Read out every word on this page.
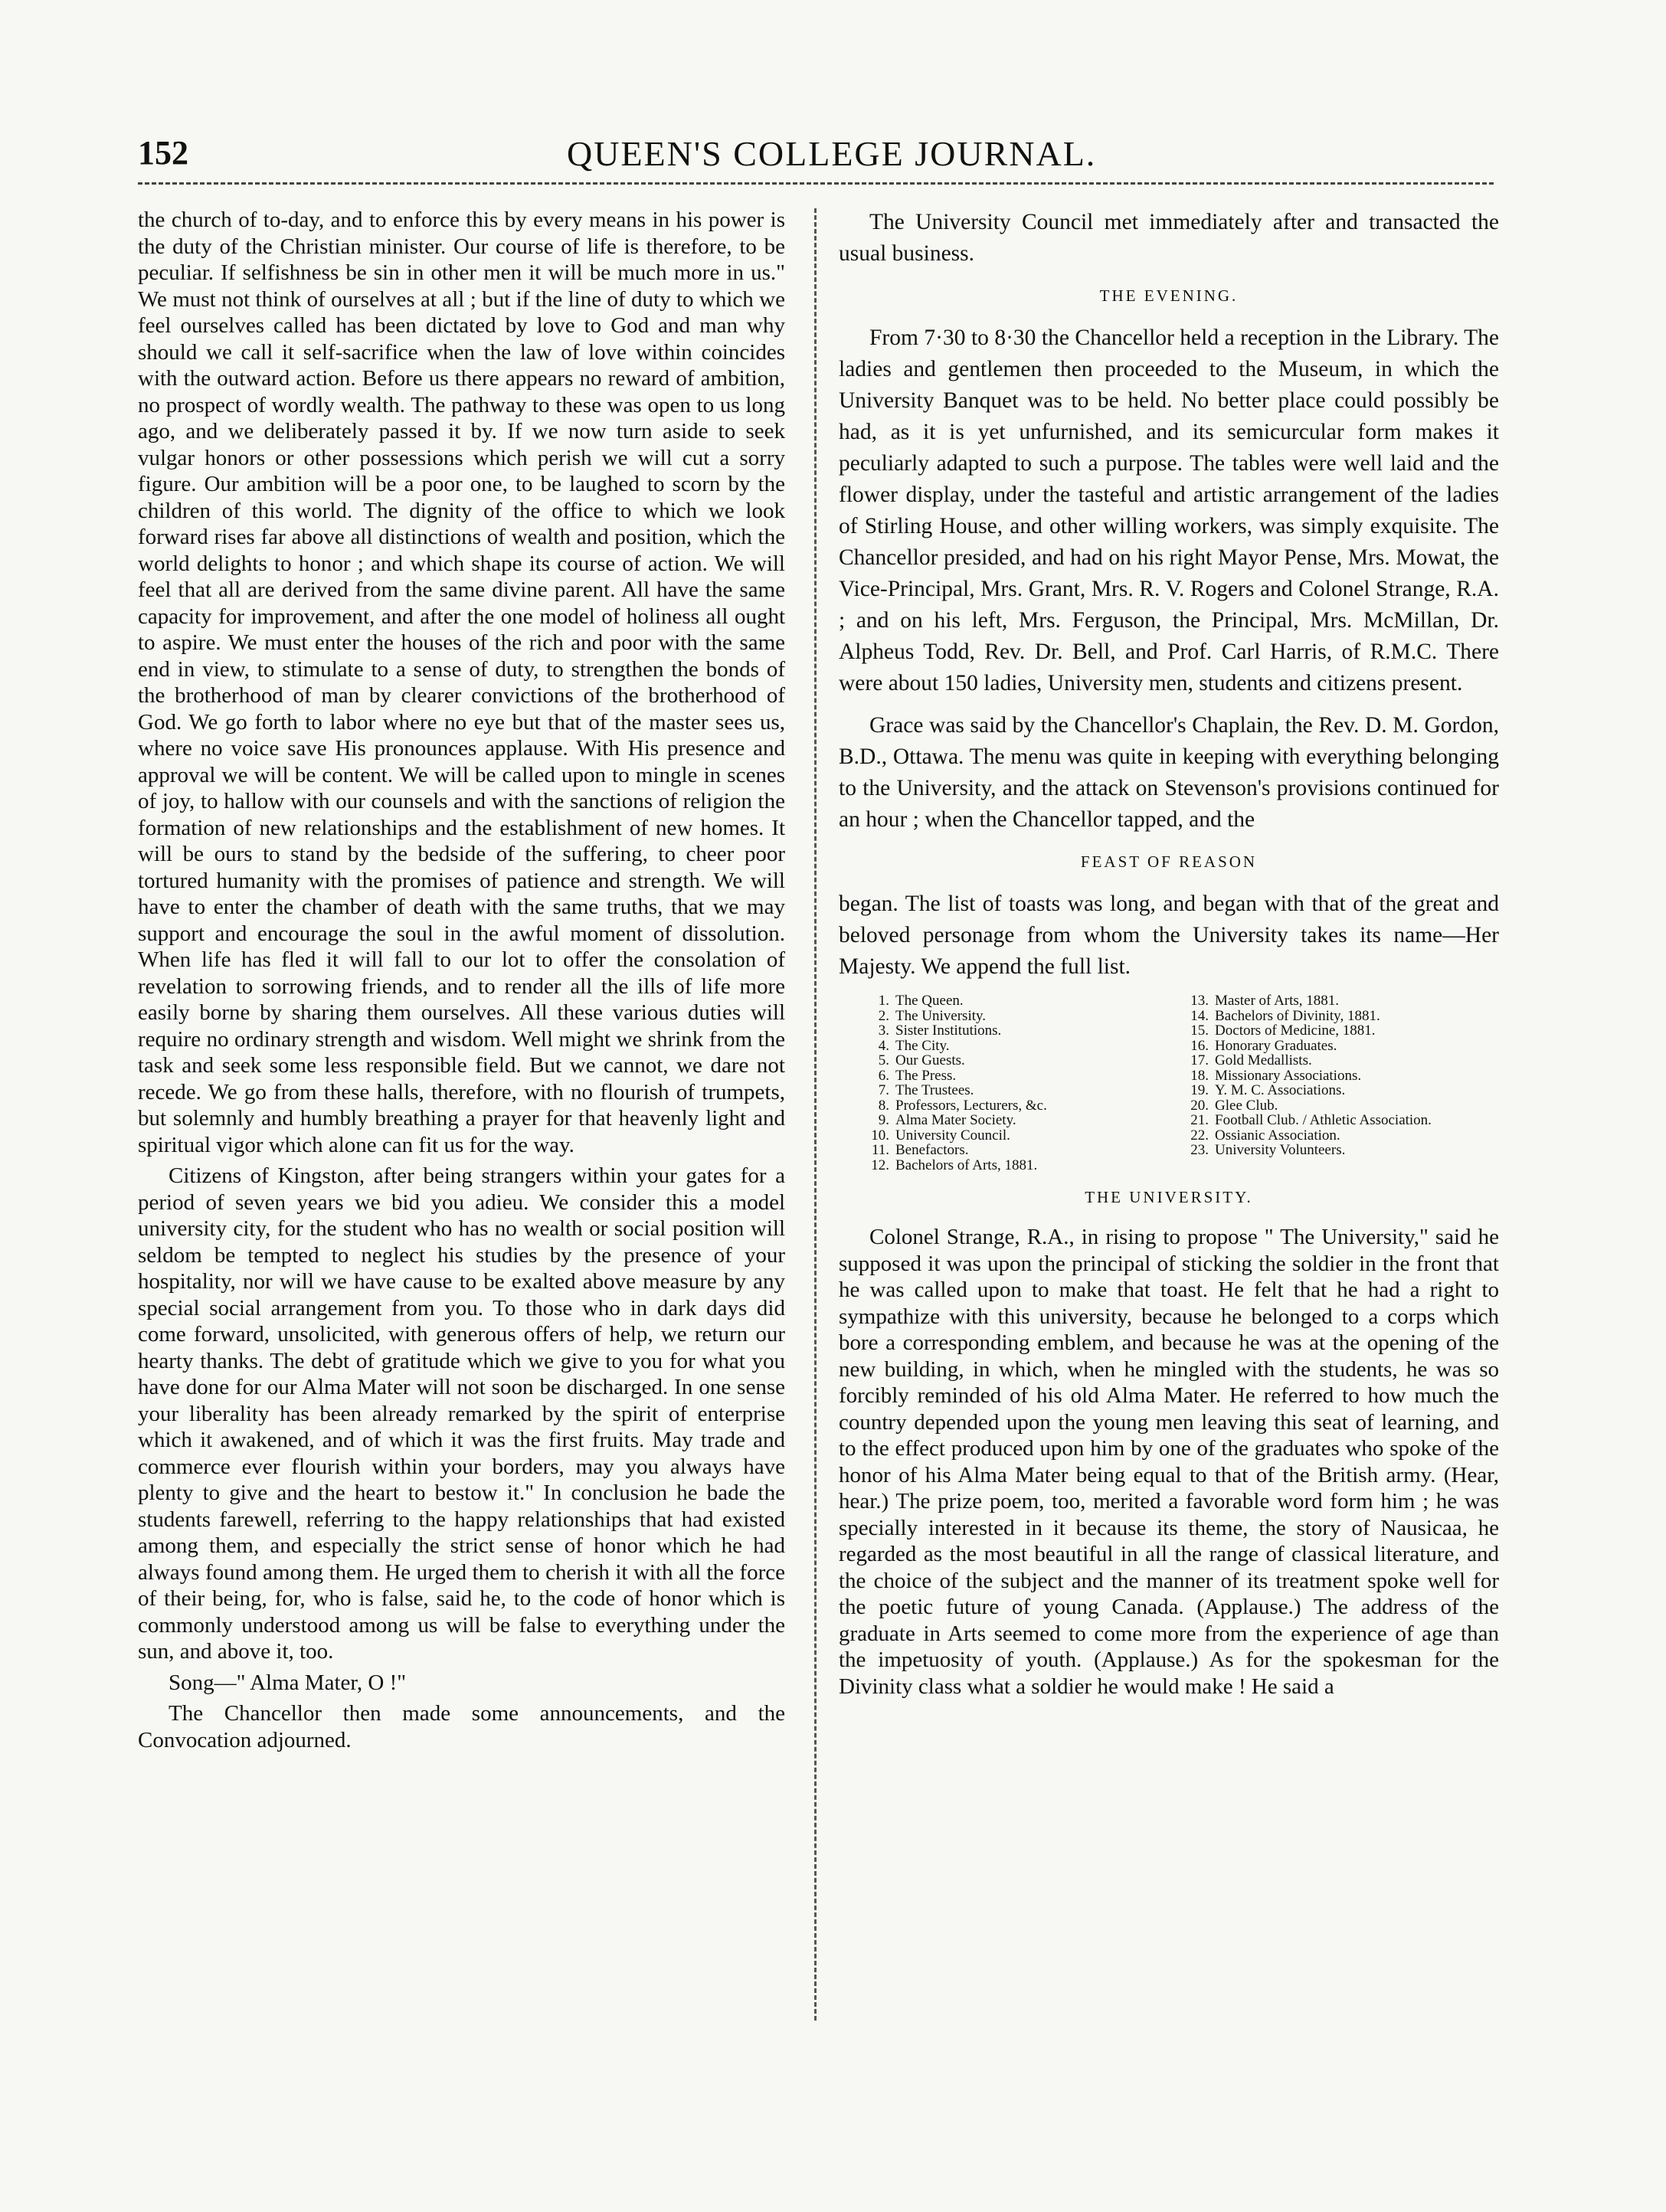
152	QUEEN'S COLLEGE JOURNAL.

the church of to-day, and to enforce this by every means in his power is the duty of the Christian minister. Our course of life is therefore, to be peculiar. If selfishness be sin in other men it will be much more in us." We must not think of ourselves at all ; but if the line of duty to which we feel ourselves called has been dictated by love to God and man why should we call it self-sacrifice when the law of love within coincides with the outward action. Before us there appears no reward of ambition, no prospect of wordly wealth. The pathway to these was open to us long ago, and we deliberately passed it by. If we now turn aside to seek vulgar honors or other possessions which perish we will cut a sorry figure. Our ambition will be a poor one, to be laughed to scorn by the children of this world. The dignity of the office to which we look forward rises far above all distinctions of wealth and position, which the world delights to honor ; and which shape its course of action. We will feel that all are derived from the same divine parent. All have the same capacity for improvement, and after the one model of holiness all ought to aspire. We must enter the houses of the rich and poor with the same end in view, to stimulate to a sense of duty, to strengthen the bonds of the brotherhood of man by clearer convictions of the brotherhood of God. We go forth to labor where no eye but that of the master sees us, where no voice save His pronounces applause. With His presence and approval we will be content. We will be called upon to mingle in scenes of joy, to hallow with our counsels and with the sanctions of religion the formation of new relationships and the establishment of new homes. It will be ours to stand by the bedside of the suffering, to cheer poor tortured humanity with the promises of patience and strength. We will have to enter the chamber of death with the same truths, that we may support and encourage the soul in the awful moment of dissolution. When life has fled it will fall to our lot to offer the consolation of revelation to sorrowing friends, and to render all the ills of life more easily borne by sharing them ourselves. All these various duties will require no ordinary strength and wisdom. Well might we shrink from the task and seek some less responsible field. But we cannot, we dare not recede. We go from these halls, therefore, with no flourish of trumpets, but solemnly and humbly breathing a prayer for that heavenly light and spiritual vigor which alone can fit us for the way.

Citizens of Kingston, after being strangers within your gates for a period of seven years we bid you adieu. We consider this a model university city, for the student who has no wealth or social position will seldom be tempted to neglect his studies by the presence of your hospitality, nor will we have cause to be exalted above measure by any special social arrangement from you. To those who in dark days did come forward, unsolicited, with generous offers of help, we return our hearty thanks. The debt of gratitude which we give to you for what you have done for our Alma Mater will not soon be discharged. In one sense your liberality has been already remarked by the spirit of enterprise which it awakened, and of which it was the first fruits. May trade and commerce ever flourish within your borders, may you always have plenty to give and the heart to bestow it." In conclusion he bade the students farewell, referring to the happy relationships that had existed among them, and especially the strict sense of honor which he had always found among them. He urged them to cherish it with all the force of their being, for, who is false, said he, to the code of honor which is commonly understood among us will be false to everything under the sun, and above it, too.

Song—" Alma Mater, O !"

The Chancellor then made some announcements, and the Convocation adjourned.

The University Council met immediately after and transacted the usual business.

THE EVENING.

From 7·30 to 8·30 the Chancellor held a reception in the Library. The ladies and gentlemen then proceeded to the Museum, in which the University Banquet was to be held. No better place could possibly be had, as it is yet unfurnished, and its semicurcular form makes it peculiarly adapted to such a purpose. The tables were well laid and the flower display, under the tasteful and artistic arrangement of the ladies of Stirling House, and other willing workers, was simply exquisite. The Chancellor presided, and had on his right Mayor Pense, Mrs. Mowat, the Vice-Principal, Mrs. Grant, Mrs. R. V. Rogers and Colonel Strange, R.A. ; and on his left, Mrs. Ferguson, the Principal, Mrs. McMillan, Dr. Alpheus Todd, Rev. Dr. Bell, and Prof. Carl Harris, of R.M.C. There were about 150 ladies, University men, students and citizens present.

Grace was said by the Chancellor's Chaplain, the Rev. D. M. Gordon, B.D., Ottawa. The menu was quite in keeping with everything belonging to the University, and the attack on Stevenson's provisions continued for an hour ; when the Chancellor tapped, and the

FEAST OF REASON

began. The list of toasts was long, and began with that of the great and beloved personage from whom the University takes its name—Her Majesty. We append the full list.

1. The Queen.
2. The University.
3. Sister Institutions.
4. The City.
5. Our Guests.
6. The Press.
7. The Trustees.
8. Professors, Lecturers, &c.
9. Alma Mater Society.
10. University Council.
11. Benefactors.
12. Bachelors of Arts, 1881.
13. Master of Arts, 1881.
14. Bachelors of Divinity, 1881.
15. Doctors of Medicine, 1881.
16. Honorary Graduates.
17. Gold Medallists.
18. Missionary Associations.
19. Y. M. C. Associations.
20. Glee Club.
21. Football Club. / Athletic Association.
22. Ossianic Association.
23. University Volunteers.
THE UNIVERSITY.

Colonel Strange, R.A., in rising to propose " The University," said he supposed it was upon the principal of sticking the soldier in the front that he was called upon to make that toast. He felt that he had a right to sympathize with this university, because he belonged to a corps which bore a corresponding emblem, and because he was at the opening of the new building, in which, when he mingled with the students, he was so forcibly reminded of his old Alma Mater. He referred to how much the country depended upon the young men leaving this seat of learning, and to the effect produced upon him by one of the graduates who spoke of the honor of his Alma Mater being equal to that of the British army. (Hear, hear.) The prize poem, too, merited a favorable word form him ; he was specially interested in it because its theme, the story of Nausicaa, he regarded as the most beautiful in all the range of classical literature, and the choice of the subject and the manner of its treatment spoke well for the poetic future of young Canada. (Applause.) The address of the graduate in Arts seemed to come more from the experience of age than the impetuosity of youth. (Applause.) As for the spokesman for the Divinity class what a soldier he would make ! He said a
